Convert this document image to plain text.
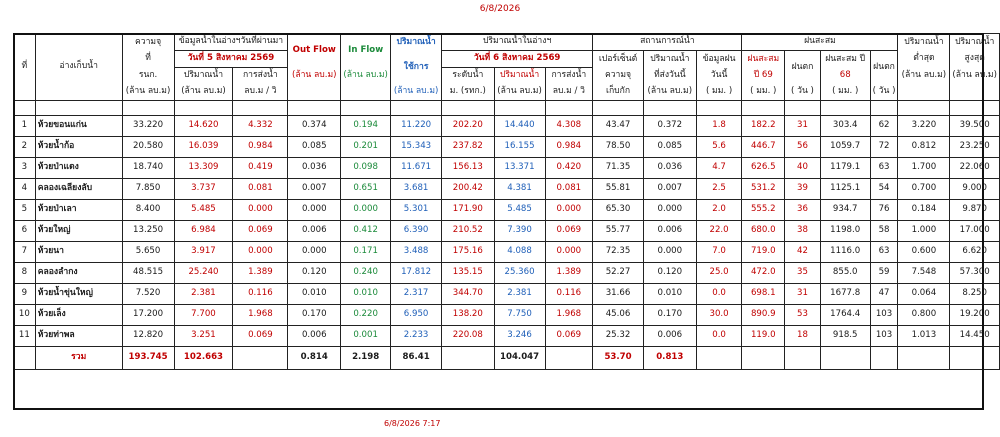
6/8/2026
ที่	อ่างเก็บน้ำ	ความจุ	ข้อมูลน้ำในอ่างฯวันที่ผ่านมา		Out Flow	In Flow	ปริมาณน้ำ	ปริมาณน้ำในอ่างฯ			สถานการณ์น้ำ			ฝนสะสม				ปริมาณน้ำ	ปริมาณน้ำ
		ที่	วันที่ 5 สิงหาคม 2569				ใช้การ	วันที่ 6 สิงหาคม 2569			เปอร์เซ็นต์	ปริมาณน้ำ	ข้อมูลฝน	ฝนสะสม	ฝนตก	ฝนสะสม ปี	ฝนตก	ต่ำสุด	สูงสุด
		รนก.	ปริมาณน้ำ	การส่งน้ำ	(ล้าน ลบ.ม)	(ล้าน ลบ.ม)		ระดับน้ำ	ปริมาณน้ำ	การส่งน้ำ	ความจุ	ที่ส่งวันนี้	วันนี้	ปี 69		68		(ล้าน ลบ.ม)	(ล้าน ลบ.ม)
		(ล้าน ลบ.ม)	(ล้าน ลบ.ม)	ลบ.ม / วิ			(ล้าน ลบ.ม)	ม. (รทก.)	(ล้าน ลบ.ม)	ลบ.ม / วิ	เก็บกัก	(ล้าน ลบ.ม)	( มม. )	( มม. )	( วัน )	( มม. )	( วัน )		

1	ห้วยขอนแก่น	33.220	14.620	4.332	0.374	0.194	11.220	202.20	14.440	4.308	43.47	0.372	1.8	182.2	31	303.4	62	3.220	39.500
2	ห้วยน้ำก้อ	20.580	16.039	0.984	0.085	0.201	15.343	237.82	16.155	0.984	78.50	0.085	5.6	446.7	56	1059.7	72	0.812	23.250
3	ห้วยป่าแดง	18.740	13.309	0.419	0.036	0.098	11.671	156.13	13.371	0.420	71.35	0.036	4.7	626.5	40	1179.1	63	1.700	22.060
4	คลองเฉลียงลับ	7.850	3.737	0.081	0.007	0.651	3.681	200.42	4.381	0.081	55.81	0.007	2.5	531.2	39	1125.1	54	0.700	9.000
5	ห้วยป่าเลา	8.400	5.485	0.000	0.000	0.000	5.301	171.90	5.485	0.000	65.30	0.000	2.0	555.2	36	934.7	76	0.184	9.870
6	ห้วยใหญ่	13.250	6.984	0.069	0.006	0.412	6.390	210.52	7.390	0.069	55.77	0.006	22.0	680.0	38	1198.0	58	1.000	17.000
7	ห้วยนา	5.650	3.917	0.000	0.000	0.171	3.488	175.16	4.088	0.000	72.35	0.000	7.0	719.0	42	1116.0	63	0.600	6.620
8	คลองลำกง	48.515	25.240	1.389	0.120	0.240	17.812	135.15	25.360	1.389	52.27	0.120	25.0	472.0	35	855.0	59	7.548	57.300
9	ห้วยน้ำขุ่นใหญ่	7.520	2.381	0.116	0.010	0.010	2.317	344.70	2.381	0.116	31.66	0.010	0.0	698.1	31	1677.8	47	0.064	8.250
10	ห้วยเล็ง	17.200	7.700	1.968	0.170	0.220	6.950	138.20	7.750	1.968	45.06	0.170	30.0	890.9	53	1764.4	103	0.800	19.200
11	ห้วยท่าพล	12.820	3.251	0.069	0.006	0.001	2.233	220.08	3.246	0.069	25.32	0.006	0.0	119.0	18	918.5	103	1.013	14.450
	รวม	193.745	102.663		0.814	2.198	86.41		104.047		53.70	0.813							
6/8/2026 7:17
